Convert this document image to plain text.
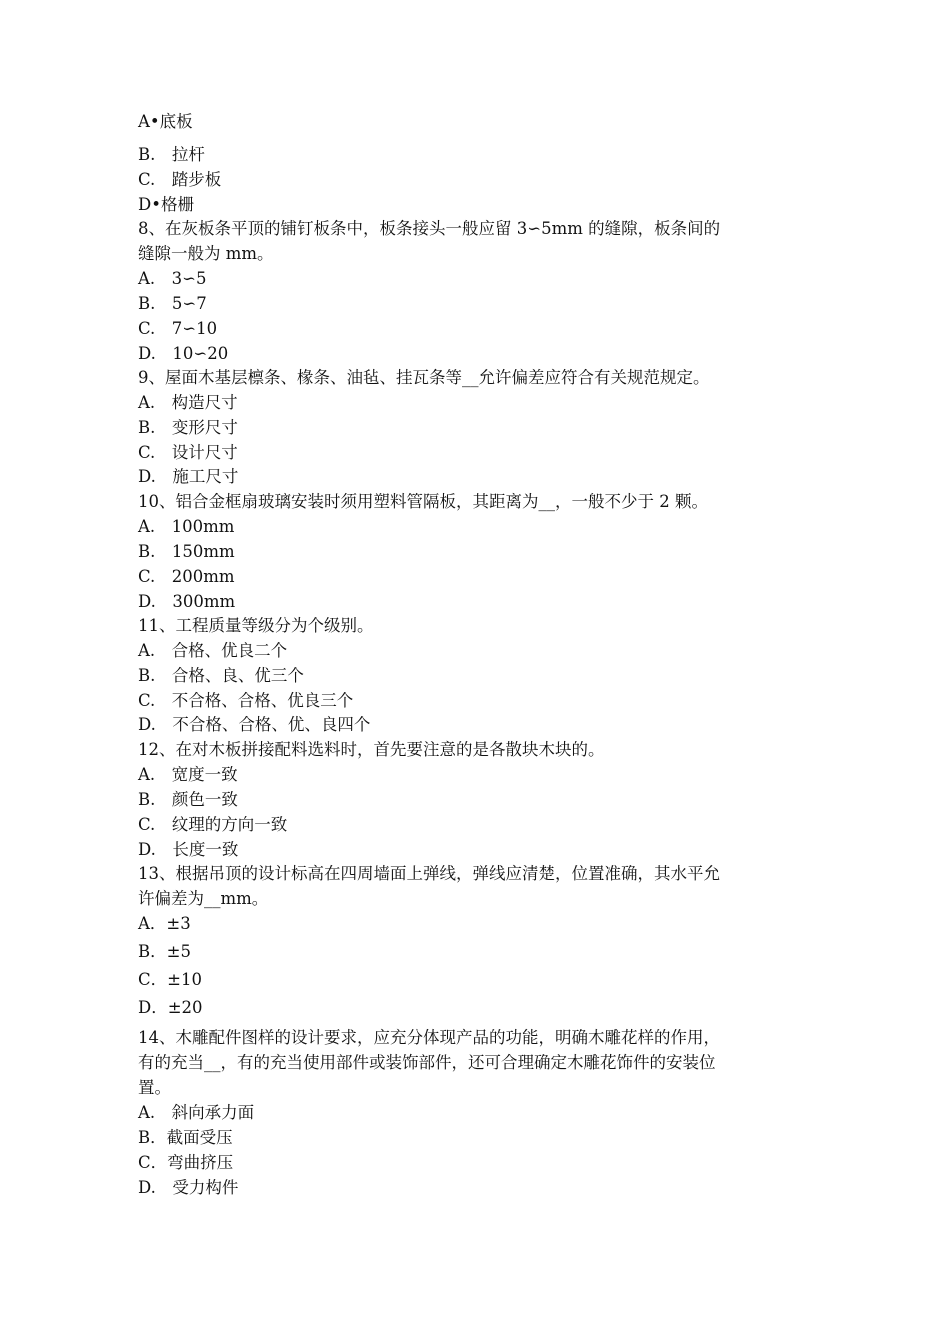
A•底板
B.　拉杆
C.　踏步板
D•格栅
8、在灰板条平顶的铺钉板条中，板条接头一般应留 3∽5mm 的缝隙，板条间的
缝隙一般为 mm。
A.　3∽5
B.　5∽7
C.　7∽10
D.　10∽20
9、屋面木基层檩条、椽条、油毡、挂瓦条等__允许偏差应符合有关规范规定。
A.　构造尺寸
B.　变形尺寸
C.　设计尺寸
D.　施工尺寸
10、铝合金框扇玻璃安装时须用塑料管隔板，其距离为__，一般不少于 2 颗。
A.　100mm
B.　150mm
C.　200mm
D.　300mm
11、工程质量等级分为个级别。
A.　合格、优良二个
B.　合格、良、优三个
C.　不合格、合格、优良三个
D.　不合格、合格、优、良四个
12、在对木板拼接配料选料时，首先要注意的是各散块木块的。
A.　宽度一致
B.　颜色一致
C.　纹理的方向一致
D.　长度一致
13、根据吊顶的设计标高在四周墙面上弹线，弹线应清楚，位置准确，其水平允
许偏差为__mm。
A．±3
B．±5
C．±10
D．±20
14、木雕配件图样的设计要求，应充分体现产品的功能，明确木雕花样的作用，
有的充当__，有的充当使用部件或装饰部件，还可合理确定木雕花饰件的安装位
置。
A.　斜向承力面
B．截面受压
C．弯曲挤压
D.　受力构件
